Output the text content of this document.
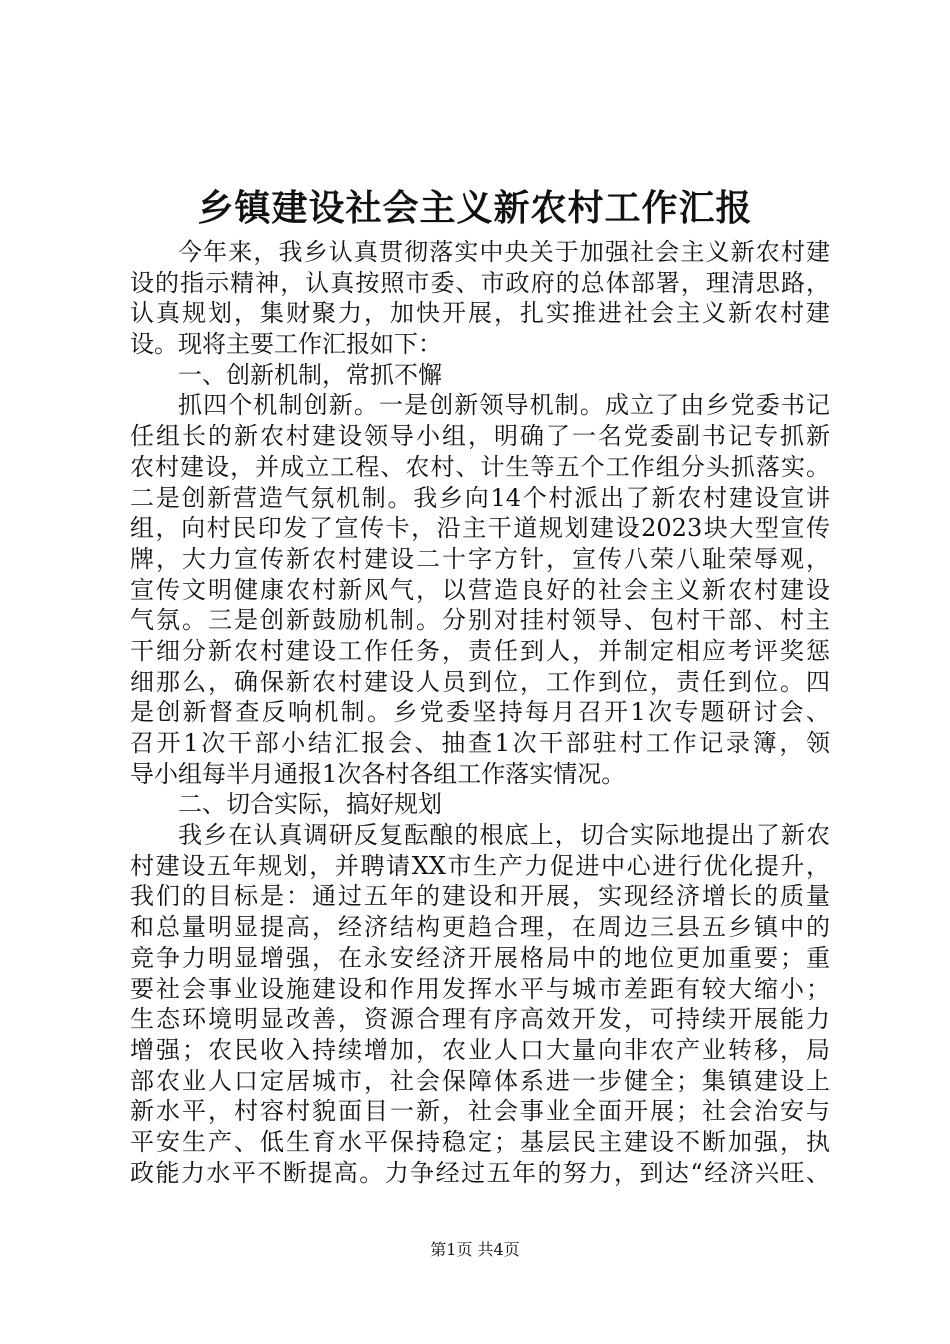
乡镇建设社会主义新农村工作汇报

今年来，我乡认真贯彻落实中央关于加强社会主义新农村建

设的指示精神，认真按照市委、市政府的总体部署，理清思路，

认真规划，集财聚力，加快开展，扎实推进社会主义新农村建

设。现将主要工作汇报如下：

一、创新机制，常抓不懈

抓四个机制创新。一是创新领导机制。成立了由乡党委书记

任组长的新农村建设领导小组，明确了一名党委副书记专抓新

农村建设，并成立工程、农村、计生等五个工作组分头抓落实。

二是创新营造气氛机制。我乡向14个村派出了新农村建设宣讲

组，向村民印发了宣传卡，沿主干道规划建设2023块大型宣传

牌，大力宣传新农村建设二十字方针，宣传八荣八耻荣辱观，

宣传文明健康农村新风气，以营造良好的社会主义新农村建设

气氛。三是创新鼓励机制。分别对挂村领导、包村干部、村主

干细分新农村建设工作任务，责任到人，并制定相应考评奖惩

细那么，确保新农村建设人员到位，工作到位，责任到位。四

是创新督查反响机制。乡党委坚持每月召开1次专题研讨会、

召开1次干部小结汇报会、抽查1次干部驻村工作记录簿，领

导小组每半月通报1次各村各组工作落实情况。

二、切合实际，搞好规划

我乡在认真调研反复酝酿的根底上，切合实际地提出了新农

村建设五年规划，并聘请XX市生产力促进中心进行优化提升，

我们的目标是：通过五年的建设和开展，实现经济增长的质量

和总量明显提高，经济结构更趋合理，在周边三县五乡镇中的

竞争力明显增强，在永安经济开展格局中的地位更加重要；重

要社会事业设施建设和作用发挥水平与城市差距有较大缩小；

生态环境明显改善，资源合理有序高效开发，可持续开展能力

增强；农民收入持续增加，农业人口大量向非农产业转移，局

部农业人口定居城市，社会保障体系进一步健全；集镇建设上

新水平，村容村貌面目一新，社会事业全面开展；社会治安与

平安生产、低生育水平保持稳定；基层民主建设不断加强，执

政能力水平不断提高。力争经过五年的努力，到达“经济兴旺、

第1页 共4页
